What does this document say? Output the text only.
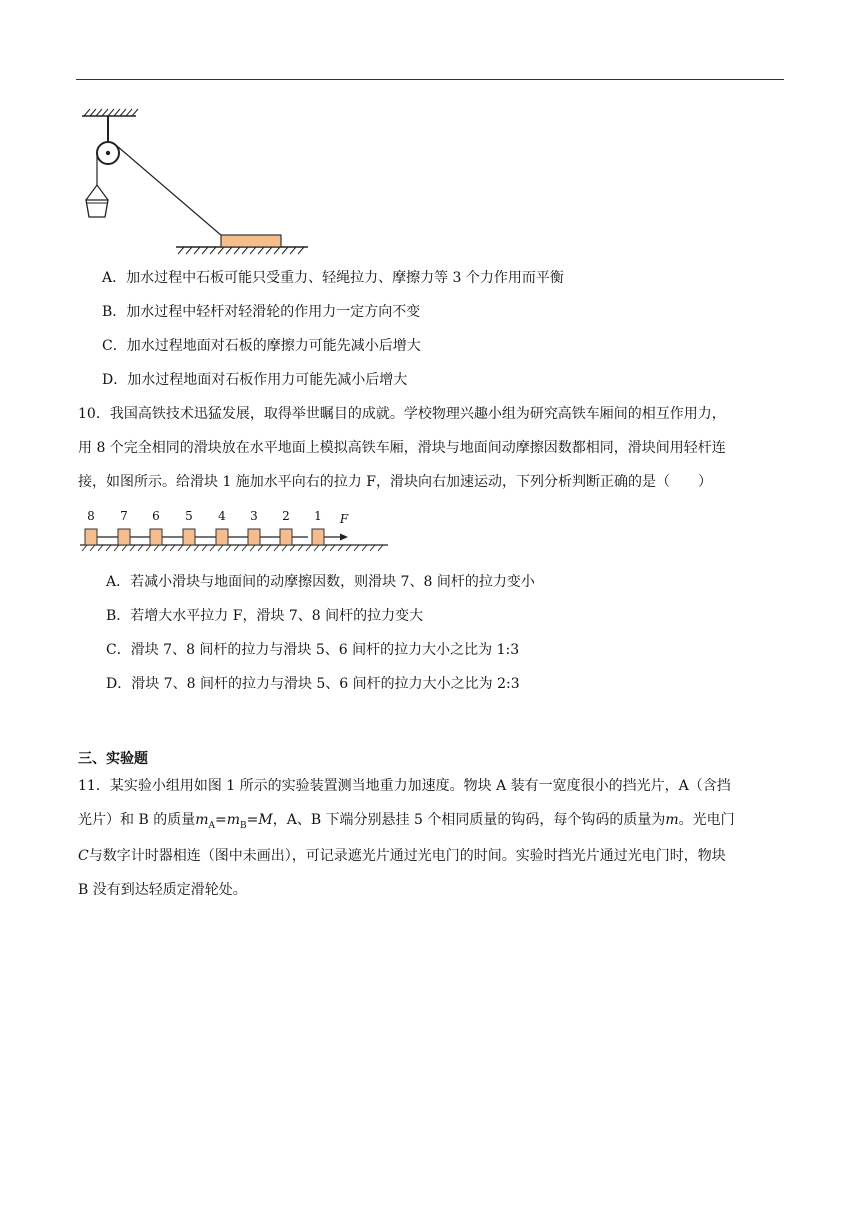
A．加水过程中石板可能只受重力、轻绳拉力、摩擦力等 3 个力作用而平衡
B．加水过程中轻杆对轻滑轮的作用力一定方向不变
C．加水过程地面对石板的摩擦力可能先减小后增大
D．加水过程地面对石板作用力可能先减小后增大
10．我国高铁技术迅猛发展，取得举世瞩目的成就。学校物理兴趣小组为研究高铁车厢间的相互作用力，
用 8 个完全相同的滑块放在水平地面上模拟高铁车厢，滑块与地面间动摩擦因数都相同，滑块间用轻杆连
接，如图所示。给滑块 1 施加水平向右的拉力 F，滑块向右加速运动，下列分析判断正确的是（　　）
8 7 6 5 4 3 2 1 F
A．若减小滑块与地面间的动摩擦因数，则滑块 7、8 间杆的拉力变小
B．若增大水平拉力 F，滑块 7、8 间杆的拉力变大
C．滑块 7、8 间杆的拉力与滑块 5、6 间杆的拉力大小之比为 1:3
D．滑块 7、8 间杆的拉力与滑块 5、6 间杆的拉力大小之比为 2:3
三、实验题
11．某实验小组用如图 1 所示的实验装置测当地重力加速度。物块 A 装有一宽度很小的挡光片，A（含挡
光片）和 B 的质量$m_A=m_B=M$，A、B 下端分别悬挂 5 个相同质量的钩码，每个钩码的质量为m。光电门
C与数字计时器相连（图中未画出），可记录遮光片通过光电门的时间。实验时挡光片通过光电门时，物块
B 没有到达轻质定滑轮处。
